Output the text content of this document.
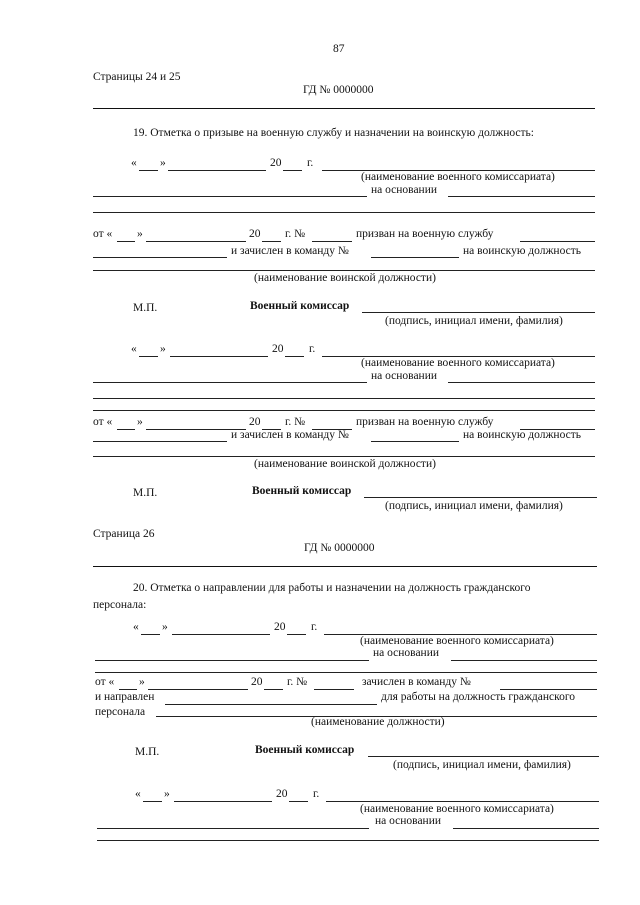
87
Страницы 24 и 25
ГД № 0000000
19. Отметка о призыве на военную службу и назначении на воинскую должность:
« »	20 г.
(наименование военного комиссариата)
на основании
от « »	20 г. №	призван на военную службу
и зачислен в команду №	на воинскую должность
(наименование воинской должности)
М.П.	Военный комиссар
(подпись, инициал имени, фамилия)
« »	20 г.
(наименование военного комиссариата)
на основании
от « »	20 г. №	призван на военную службу
и зачислен в команду №	на воинскую должность
(наименование воинской должности)
М.П.	Военный комиссар
(подпись, инициал имени, фамилия)
Страница 26
ГД № 0000000
20. Отметка о направлении для работы и назначении на должность гражданского
персонала:
« »	20 г.
(наименование военного комиссариата)
на основании
от « »	20 г. №	зачислен в команду №
и направлен	для работы на должность гражданского
персонала
(наименование должности)
М.П.	Военный комиссар
(подпись, инициал имени, фамилия)
« »	20 г.
(наименование военного комиссариата)
на основании
